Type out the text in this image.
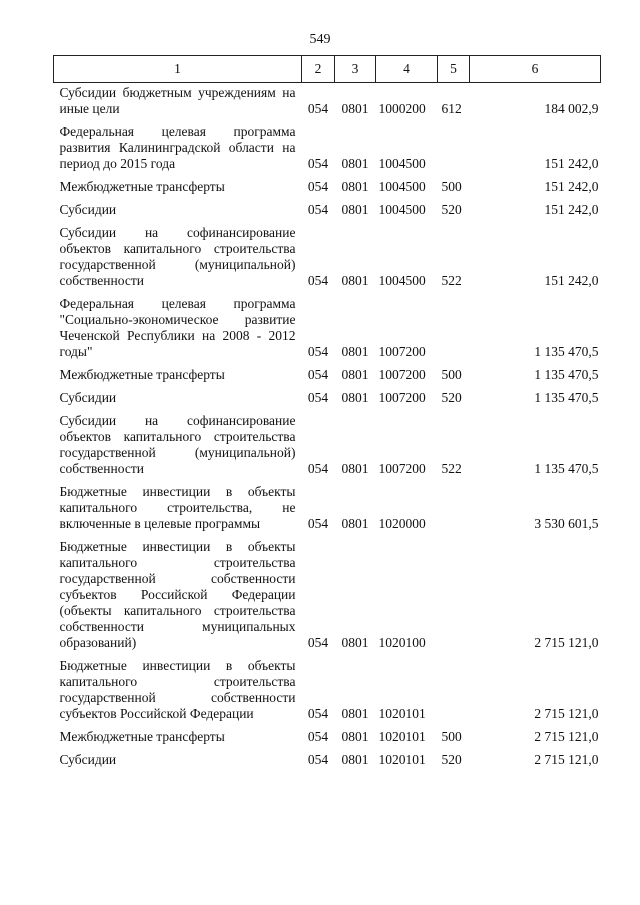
549
1	2	3	4	5	6
Субсидии бюджетным учреждениям на иные цели	054	0801	1000200	612	184 002,9
Федеральная целевая программа развития Калининградской области на период до 2015 года	054	0801	1004500		151 242,0
Межбюджетные трансферты	054	0801	1004500	500	151 242,0
Субсидии	054	0801	1004500	520	151 242,0
Субсидии на софинансирование объектов капитального строительства государственной (муниципальной) собственности	054	0801	1004500	522	151 242,0
Федеральная целевая программа "Социально-экономическое развитие Чеченской Республики на 2008 - 2012 годы"	054	0801	1007200		1 135 470,5
Межбюджетные трансферты	054	0801	1007200	500	1 135 470,5
Субсидии	054	0801	1007200	520	1 135 470,5
Субсидии на софинансирование объектов капитального строительства государственной (муниципальной) собственности	054	0801	1007200	522	1 135 470,5
Бюджетные инвестиции в объекты капитального строительства, не включенные в целевые программы	054	0801	1020000		3 530 601,5
Бюджетные инвестиции в объекты капитального строительства государственной собственности субъектов Российской Федерации (объекты капитального строительства собственности муниципальных образований)	054	0801	1020100		2 715 121,0
Бюджетные инвестиции в объекты капитального строительства государственной собственности субъектов Российской Федерации	054	0801	1020101		2 715 121,0
Межбюджетные трансферты	054	0801	1020101	500	2 715 121,0
Субсидии	054	0801	1020101	520	2 715 121,0
